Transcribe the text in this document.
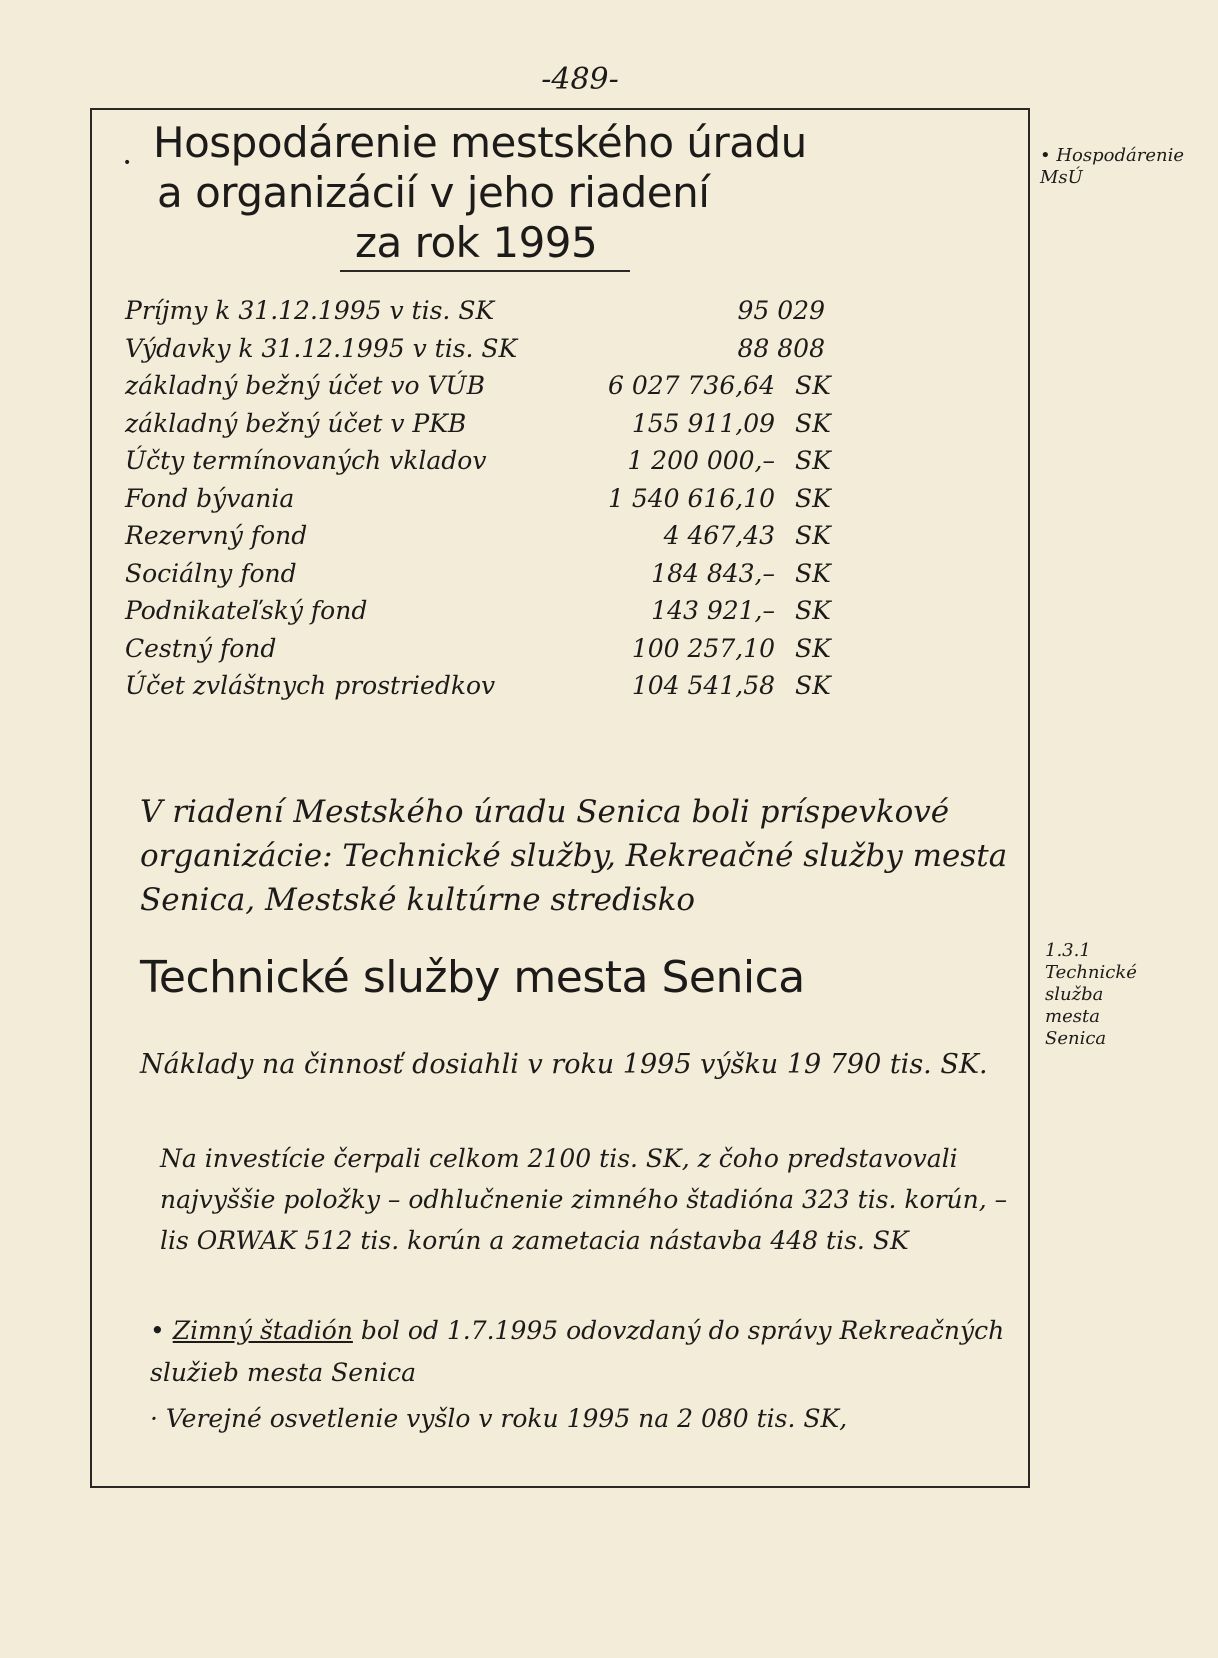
-489-
• Hospodárenie mestského úradu
a organizácií v jeho riadení
za rok 1995
Príjmy k 31.12.1995 v tis. SK	95 029
Výdavky k 31.12.1995 v tis. SK	88 808
základný bežný účet vo VÚB	6 027 736,64 SK
základný bežný účet v PKB	155 911,09 SK
Účty termínovaných vkladov	1 200 000,– SK
Fond bývania	1 540 616,10 SK
Rezervný fond	4 467,43 SK
Sociálny fond	184 843,– SK
Podnikateľský fond	143 921,– SK
Cestný fond	100 257,10 SK
Účet zvláštnych prostriedkov	104 541,58 SK
V riadení Mestského úradu Senica boli príspevkové organizácie: Technické služby, Rekreačné služby mesta Senica, Mestské kultúrne stredisko
Technické služby mesta Senica
Náklady na činnosť dosiahli v roku 1995 výšku 19 790 tis. SK.
Na investície čerpali celkom 2100 tis. SK, z čoho predstavovali najvyššie položky – odhlučnenie zimného štadióna 323 tis. korún, – lis ORWAK 512 tis. korún a zametacia nástavba 448 tis. SK
• Zimný štadión bol od 1.7.1995 odovzdaný do správy Rekreačných služieb mesta Senica
· Verejné osvetlenie vyšlo v roku 1995 na 2 080 tis. SK,
• Hospodárenie
MsÚ
1.3.1
Technické
služba
mesta
Senica
